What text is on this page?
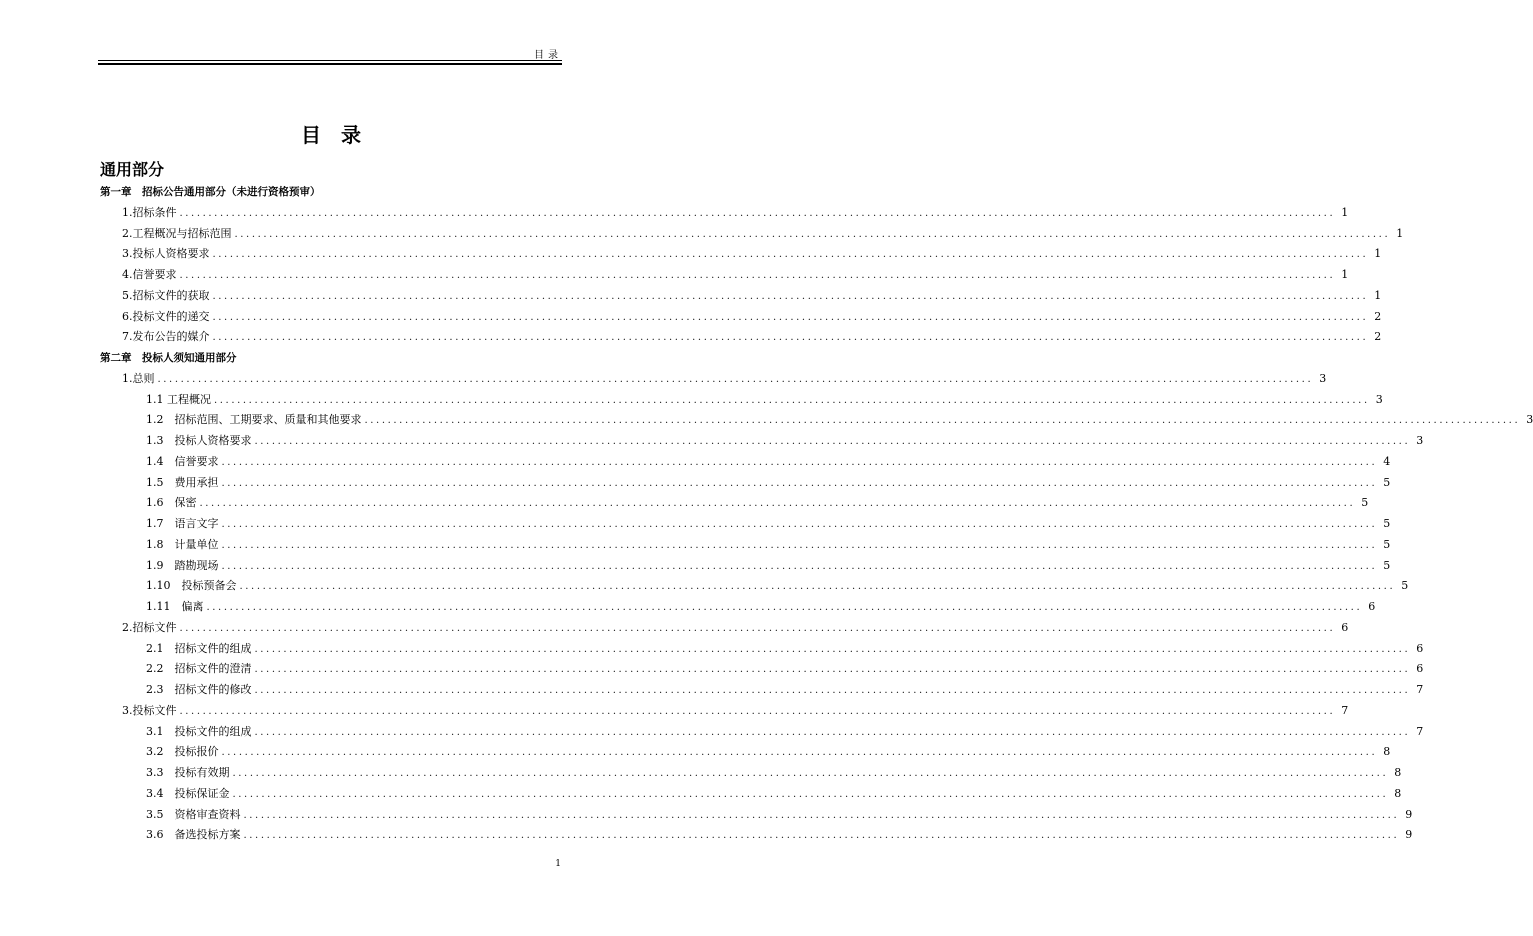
目录
目录
通用部分
第一章　招标公告通用部分（未进行资格预审）
1.招标条件 ........................................................................................................................................................................................................ 1
2.工程概况与招标范围 ........................................................................................................................................................................................................ 1
3.投标人资格要求 ........................................................................................................................................................................................................ 1
4.信誉要求 ........................................................................................................................................................................................................ 1
5.招标文件的获取 ........................................................................................................................................................................................................ 1
6.投标文件的递交 ........................................................................................................................................................................................................ 2
7.发布公告的媒介 ........................................................................................................................................................................................................ 2
第二章　投标人须知通用部分
1.总则 ........................................................................................................................................................................................................ 3
1.1 工程概况 ........................................................................................................................................................................................................ 3
1.2　招标范围、工期要求、质量和其他要求 ........................................................................................................................................................................................................ 3
1.3　投标人资格要求 ........................................................................................................................................................................................................ 3
1.4　信誉要求 ........................................................................................................................................................................................................ 4
1.5　费用承担 ........................................................................................................................................................................................................ 5
1.6　保密 ........................................................................................................................................................................................................ 5
1.7　语言文字 ........................................................................................................................................................................................................ 5
1.8　计量单位 ........................................................................................................................................................................................................ 5
1.9　踏勘现场 ........................................................................................................................................................................................................ 5
1.10　投标预备会 ........................................................................................................................................................................................................ 5
1.11　偏离 ........................................................................................................................................................................................................ 6
2.招标文件 ........................................................................................................................................................................................................ 6
2.1　招标文件的组成 ........................................................................................................................................................................................................ 6
2.2　招标文件的澄清 ........................................................................................................................................................................................................ 6
2.3　招标文件的修改 ........................................................................................................................................................................................................ 7
3.投标文件 ........................................................................................................................................................................................................ 7
3.1　投标文件的组成 ........................................................................................................................................................................................................ 7
3.2　投标报价 ........................................................................................................................................................................................................ 8
3.3　投标有效期 ........................................................................................................................................................................................................ 8
3.4　投标保证金 ........................................................................................................................................................................................................ 8
3.5　资格审查资料 ........................................................................................................................................................................................................ 9
3.6　备选投标方案 ........................................................................................................................................................................................................ 9
1
